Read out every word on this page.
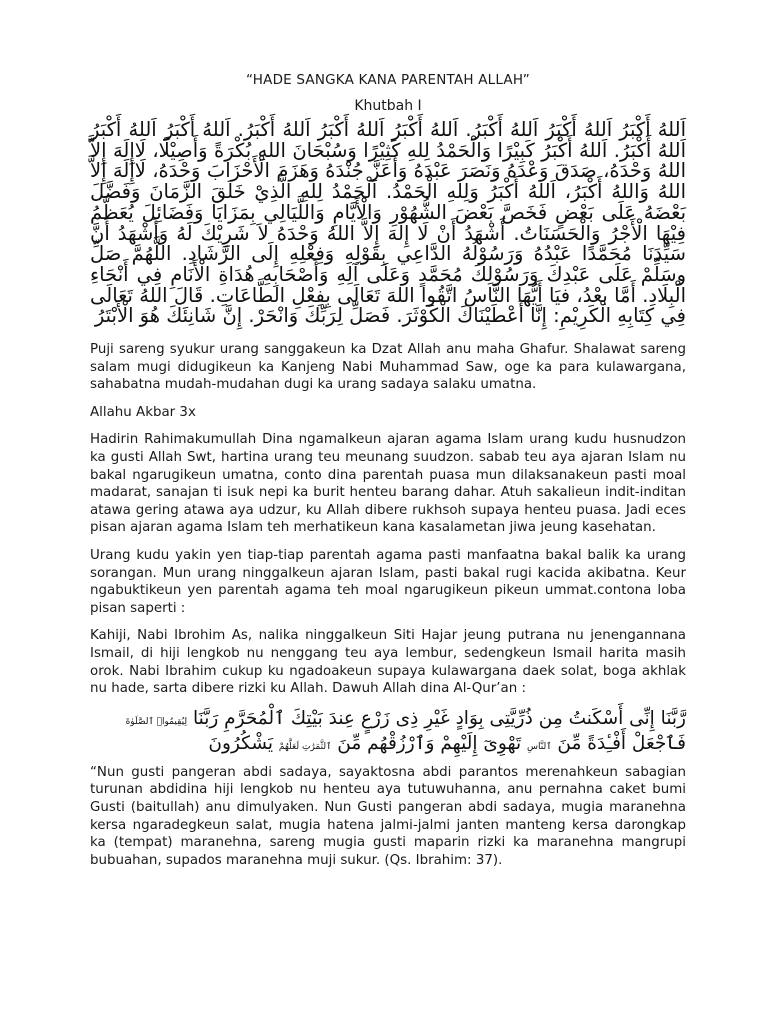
“HADE SANGKA KANA PARENTAH ALLAH”
Khutbah I

اَللهُ أَكْبَرُ اَللهُ أَكْبَرُ اَللهُ أَكْبَرُ. اَللهُ أَكْبَرُ اَللهُ أَكْبَرُ اَللهُ أَكْبَرُ. اَللهُ أَكْبَرُ اَللهُ أَكْبَرُ اَللهُ أَكْبَرُ. اَللهُ أَكْبَرُ كَبِيْرًا وَالْحَمْدُ لِلهِ كَثِيْرًا وَسُبْحَانَ اللهِ بُكْرَةً وَأَصِيْلًا، لَاإِلَهَ إِلاَّ اللهُ وَحْدَهُ، صَدَقَ وَعْدَهُ وَنَصَرَ عَبْدَهُ وَأَعَزَّ جُنْدَهُ وَهَزَمَ الْأَحْزَابَ وَحْدَهُ، لَاإِلَهَ إِلاَّ اللهُ وَاللهُ أَكْبَرُ، اَللهُ أَكْبَرُ وَلِلهِ الْحَمْدُ. اَلْحَمْدُ لِلهِ الَّذِيْ خَلَقَ الزَّمَانَ وَفَضَّلَ بَعْضَهُ عَلَى بَعْضٍ فَخَصَّ بَعْضَ الشُّهُوْرِ وَالْأَيَّامِ وَاللَّيَالِي بِمَزَايَا وَفَضَائِلَ يُعَظَّمُ فِيْهَا الْأَجْرُ وَالْحَسَنَاتُ. أَشْهَدُ أَنْ لَا إِلَهَ إِلاَّ اللهُ وَحْدَهُ لاَ شَرِيْكَ لَهُ وَأَشْهَدُ أَنَّ سَيِّدَنَا مُحَمَّدًا عَبْدُهُ وَرَسُوْلُهُ الدَّاعِي بِقَوْلِهِ وَفِعْلِهِ إِلَى الرَّشَادِ. اللَّهُمَّ صَلِّ وسَلِّمْ عَلَى عَبْدِكَ وَرَسُوْلِكَ مُحَمَّدٍ وَعَلَى آلِهِ وَأَصْحَابِهِ هُدَاةِ الْأَنَامِ فِي أَنْحَاءِ الْبِلَادِ. أَمَّا بعْدُ، فيَا أَيُّهَا النَّاسُ اتَّقُوا اللهَ تَعَالَى بِفِعْلِ الطَّاعَاتِ. قَالَ اللهُ تَعَالَى فِي كِتَابِهِ الْكَرِيْمِ: إِنَّا أَعْطَيْنَاكَ الْكَوْثَرَ. فَصَلِّ لِرَبِّكَ وَانْحَرْ. إِنَّ شَانِئَكَ هُوَ الْأَبْتَرُ

Puji sareng syukur urang sanggakeun ka Dzat Allah anu maha Ghafur. Shalawat sareng salam mugi didugikeun ka Kanjeng Nabi Muhammad Saw, oge ka para kulawargana, sahabatna mudah-mudahan dugi ka urang sadaya salaku umatna.

Allahu Akbar 3x

Hadirin Rahimakumullah Dina ngamalkeun ajaran agama Islam urang kudu husnudzon ka gusti Allah Swt, hartina urang teu meunang suudzon. sabab teu aya ajaran Islam nu bakal ngarugikeun umatna, conto dina parentah puasa mun dilaksanakeun pasti moal madarat, sanajan ti isuk nepi ka burit henteu barang dahar. Atuh sakalieun indit-inditan atawa gering atawa aya udzur, ku Allah dibere rukhsoh supaya henteu puasa. Jadi eces pisan ajaran agama Islam teh merhatikeun kana kasalametan jiwa jeung kasehatan.

Urang kudu yakin yen tiap-tiap parentah agama pasti manfaatna bakal balik ka urang sorangan. Mun urang ninggalkeun ajaran Islam, pasti bakal rugi kacida akibatna. Keur ngabuktikeun yen parentah agama teh moal ngarugikeun pikeun ummat.contona loba pisan saperti :

Kahiji, Nabi Ibrohim As, nalika ninggalkeun Siti Hajar jeung putrana nu jenengannana Ismail, di hiji lengkob nu nenggang teu aya lembur, sedengkeun Ismail harita masih orok. Nabi Ibrahim cukup ku ngadoakeun supaya kulawargana daek solat, boga akhlak nu hade, sarta dibere rizki ku Allah. Dawuh Allah dina Al-Qur’an :

رَّبَّنَا إِنِّى أَسْكَنتُ مِن ذُرِّيَّتِى بِوَادٍ غَيْرِ ذِى زَرْعٍ عِندَ بَيْتِكَ ٱلْمُحَرَّمِ رَبَّنَا لِيُقِيمُوا۟ ٱلصَّلَوٰةَ
فَٱجْعَلْ أَفْـِٔدَةً مِّنَ ٱلنَّاسِ تَهْوِىٓ إِلَيْهِمْ وَٱرْزُقْهُم مِّنَ ٱلثَّمَرَٰتِ لَعَلَّهُمْ يَشْكُرُونَ

“Nun gusti pangeran abdi sadaya, sayaktosna abdi parantos merenahkeun sabagian turunan abdidina hiji lengkob nu henteu aya tutuwuhanna, anu pernahna caket bumi Gusti (baitullah) anu dimulyaken. Nun Gusti pangeran abdi sadaya, mugia maranehna kersa ngaradegkeun salat, mugia hatena jalmi-jalmi janten manteng kersa darongkap ka (tempat) maranehna, sareng mugia gusti maparin rizki ka maranehna mangrupi bubuahan, supados maranehna muji sukur. (Qs. Ibrahim: 37).
